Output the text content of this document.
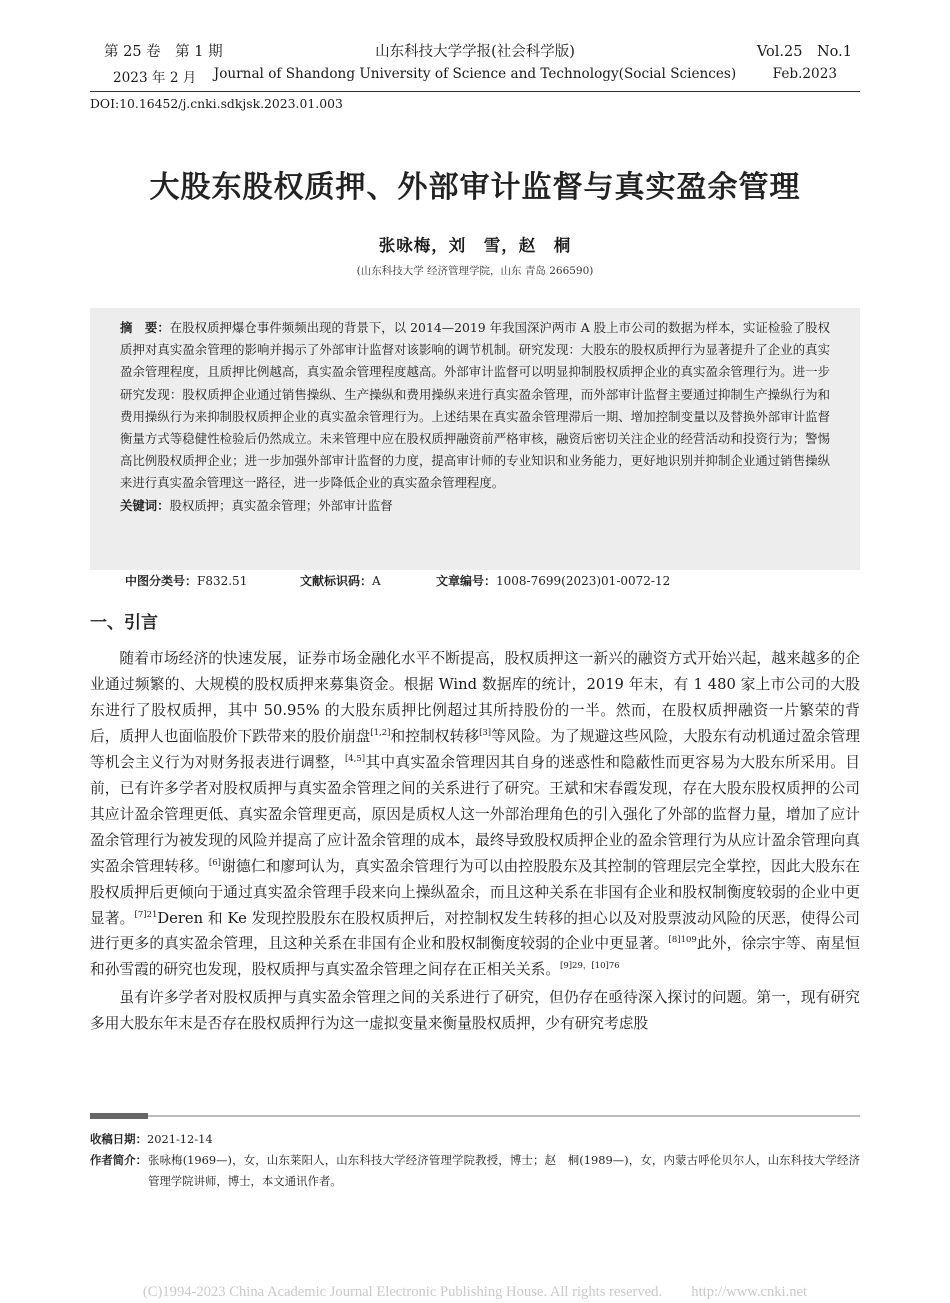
第 25 卷　第 1 期	山东科技大学学报(社会科学版)	Vol.25　No.1
2023 年 2 月	Journal of Shandong University of Science and Technology(Social Sciences)	Feb.2023
DOI:10.16452/j.cnki.sdkjsk.2023.01.003
大股东股权质押、外部审计监督与真实盈余管理
张咏梅，刘　雪，赵　桐
(山东科技大学 经济管理学院，山东 青岛 266590)

摘　要：在股权质押爆仓事件频频出现的背景下，以 2014—2019 年我国深沪两市 A 股上市公司的数据为样本，实证检验了股权质押对真实盈余管理的影响并揭示了外部审计监督对该影响的调节机制。研究发现：大股东的股权质押行为显著提升了企业的真实盈余管理程度，且质押比例越高，真实盈余管理程度越高。外部审计监督可以明显抑制股权质押企业的真实盈余管理行为。进一步研究发现：股权质押企业通过销售操纵、生产操纵和费用操纵来进行真实盈余管理，而外部审计监督主要通过抑制生产操纵行为和费用操纵行为来抑制股权质押企业的真实盈余管理行为。上述结果在真实盈余管理滞后一期、增加控制变量以及替换外部审计监督衡量方式等稳健性检验后仍然成立。未来管理中应在股权质押融资前严格审核，融资后密切关注企业的经营活动和投资行为；警惕高比例股权质押企业；进一步加强外部审计监督的力度，提高审计师的专业知识和业务能力，更好地识别并抑制企业通过销售操纵来进行真实盈余管理这一路径，进一步降低企业的真实盈余管理程度。

关键词：股权质押；真实盈余管理；外部审计监督

中图分类号：F832.51	文献标识码：A	文章编号：1008-7699(2023)01-0072-12
一、引言

随着市场经济的快速发展，证券市场金融化水平不断提高，股权质押这一新兴的融资方式开始兴起，越来越多的企业通过频繁的、大规模的股权质押来募集资金。根据 Wind 数据库的统计，2019 年末，有 1 480 家上市公司的大股东进行了股权质押，其中 50.95% 的大股东质押比例超过其所持股份的一半。然而，在股权质押融资一片繁荣的背后，质押人也面临股价下跌带来的股价崩盘[1,2]和控制权转移[3]等风险。为了规避这些风险，大股东有动机通过盈余管理等机会主义行为对财务报表进行调整，[4,5]其中真实盈余管理因其自身的迷惑性和隐蔽性而更容易为大股东所采用。目前，已有许多学者对股权质押与真实盈余管理之间的关系进行了研究。王斌和宋春霞发现，存在大股东股权质押的公司其应计盈余管理更低、真实盈余管理更高，原因是质权人这一外部治理角色的引入强化了外部的监督力量，增加了应计盈余管理行为被发现的风险并提高了应计盈余管理的成本，最终导致股权质押企业的盈余管理行为从应计盈余管理向真实盈余管理转移。[6]谢德仁和廖珂认为，真实盈余管理行为可以由控股股东及其控制的管理层完全掌控，因此大股东在股权质押后更倾向于通过真实盈余管理手段来向上操纵盈余，而且这种关系在非国有企业和股权制衡度较弱的企业中更显著。$^{[7]21}$Deren 和 Ke 发现控股股东在股权质押后，对控制权发生转移的担心以及对股票波动风险的厌恶，使得公司进行更多的真实盈余管理，且这种关系在非国有企业和股权制衡度较弱的企业中更显著。$^{[8]109}$此外，徐宗宇等、南星恒和孙雪霞的研究也发现，股权质押与真实盈余管理之间存在正相关关系。$^{[9]29,[10]76}$

虽有许多学者对股权质押与真实盈余管理之间的关系进行了研究，但仍存在亟待深入探讨的问题。第一，现有研究多用大股东年末是否存在股权质押行为这一虚拟变量来衡量股权质押，少有研究考虑股

收稿日期：2021-12-14
作者简介： 张咏梅(1969—)，女，山东莱阳人，山东科技大学经济管理学院教授，博士；赵　桐(1989—)，女，内蒙古呼伦贝尔人，山东科技大学经济管理学院讲师，博士，本文通讯作者。
(C)1994-2023 China Academic Journal Electronic Publishing House. All rights reserved.　　http://www.cnki.net
